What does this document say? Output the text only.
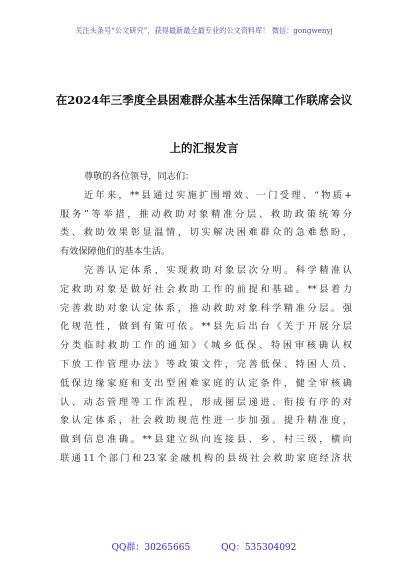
关注头条号“公文研究”，获得最新最全最专业的公文资料库！ 微信：gongwenyj
在2024年三季度全县困难群众基本生活保障工作联席会议
上的汇报发言
尊敬的各位领导，同志们：
近年来，**县通过实施扩围增效、一门受理、“物质+
服务”等举措，推动救助对象精准分层、救助政策统筹分
类、救助效果彰显温情，切实解决困难群众的急难愁盼，
有效保障他们的基本生活。
完善认定体系，实现救助对象层次分明。科学精准认
定救助对象是做好社会救助工作的前提和基础。**县着力
完善救助对象认定体系，推动救助对象科学精准分层。强
化规范性，做到有策可依。**县先后出台《关于开展分层
分类临时救助工作的通知》《城乡低保、特困审核确认权
下放工作管理办法》等政策文件，完善低保、特困人员、
低保边缘家庭和支出型困难家庭的认定条件，健全审核确
认、动态管理等工作流程，形成图层递进、衔接有序的对
象认定体系，社会救助规范性进一步加强。提升精准度，
做到信息准确。**县建立纵向连接县、乡、村三级，横向
联通11个部门和23家金融机构的县级社会救助家庭经济状
QQ群：30265665	QQ：535304092
